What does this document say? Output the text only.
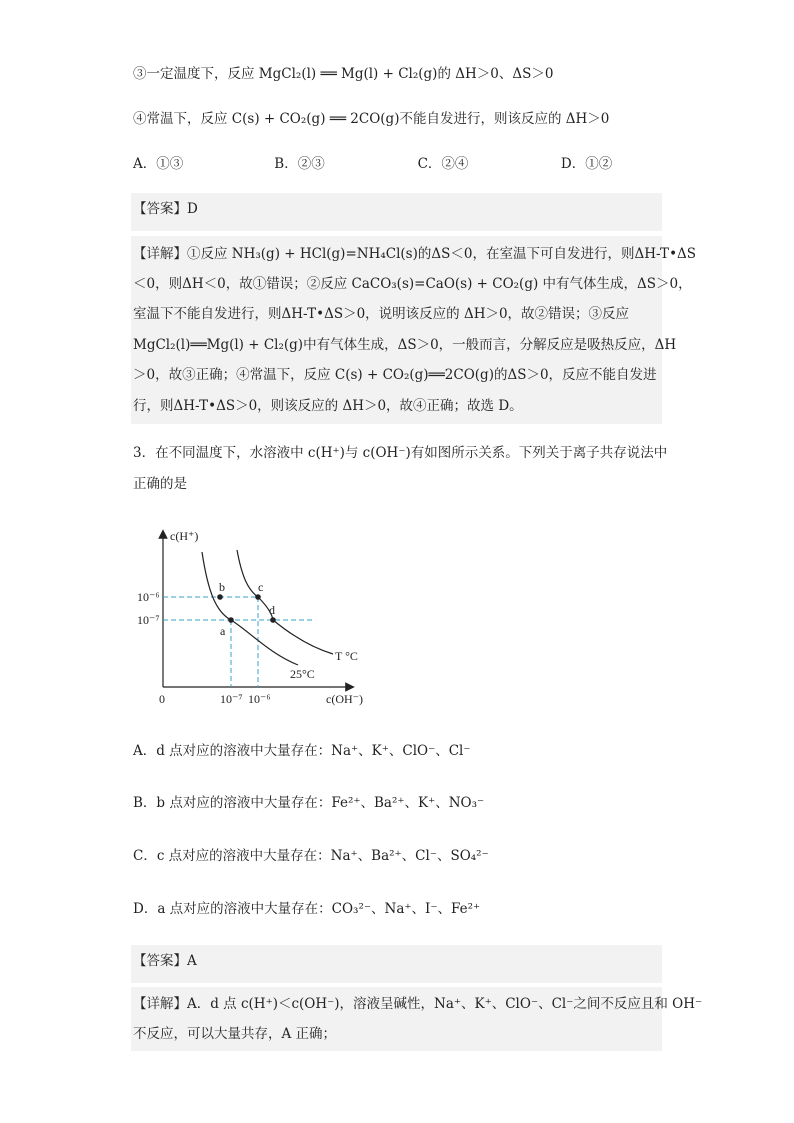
③一定温度下，反应 MgCl₂(l) ══ Mg(l) + Cl₂(g)的 ΔH＞0、ΔS＞0
④常温下，反应 C(s) + CO₂(g) ══ 2CO(g)不能自发进行，则该反应的 ΔH＞0
A．①③	B．②③	C．②④	D．①②
【答案】D
【详解】①反应 NH₃(g) + HCl(g)=NH₄Cl(s)的ΔS＜0，在室温下可自发进行，则ΔH-T•ΔS
＜0，则ΔH＜0，故①错误；②反应 CaCO₃(s)=CaO(s) + CO₂(g) 中有气体生成，ΔS＞0，
室温下不能自发进行，则ΔH-T•ΔS＞0，说明该反应的 ΔH＞0，故②错误；③反应
MgCl₂(l)══Mg(l) + Cl₂(g)中有气体生成，ΔS＞0，一般而言，分解反应是吸热反应，ΔH
＞0，故③正确；④常温下，反应 C(s) + CO₂(g)══2CO(g)的ΔS＞0，反应不能自发进
行，则ΔH-T•ΔS＞0，则该反应的 ΔH＞0，故④正确；故选 D。
3．在不同温度下，水溶液中 c(H⁺)与 c(OH⁻)有如图所示关系。下列关于离子共存说法中
正确的是
c(H⁺)
c(OH⁻)
0
10⁻⁶
10⁻⁷
10⁻⁷ 10⁻⁶
a
b	c
d
25°C
T °C
A．d 点对应的溶液中大量存在：Na⁺、K⁺、ClO⁻、Cl⁻
B．b 点对应的溶液中大量存在：Fe²⁺、Ba²⁺、K⁺、NO₃⁻
C．c 点对应的溶液中大量存在：Na⁺、Ba²⁺、Cl⁻、SO₄²⁻
D．a 点对应的溶液中大量存在：CO₃²⁻、Na⁺、I⁻、Fe²⁺
【答案】A
【详解】A．d 点 c(H⁺)＜c(OH⁻)，溶液呈碱性，Na⁺、K⁺、ClO⁻、Cl⁻之间不反应且和 OH⁻
不反应，可以大量共存，A 正确；
